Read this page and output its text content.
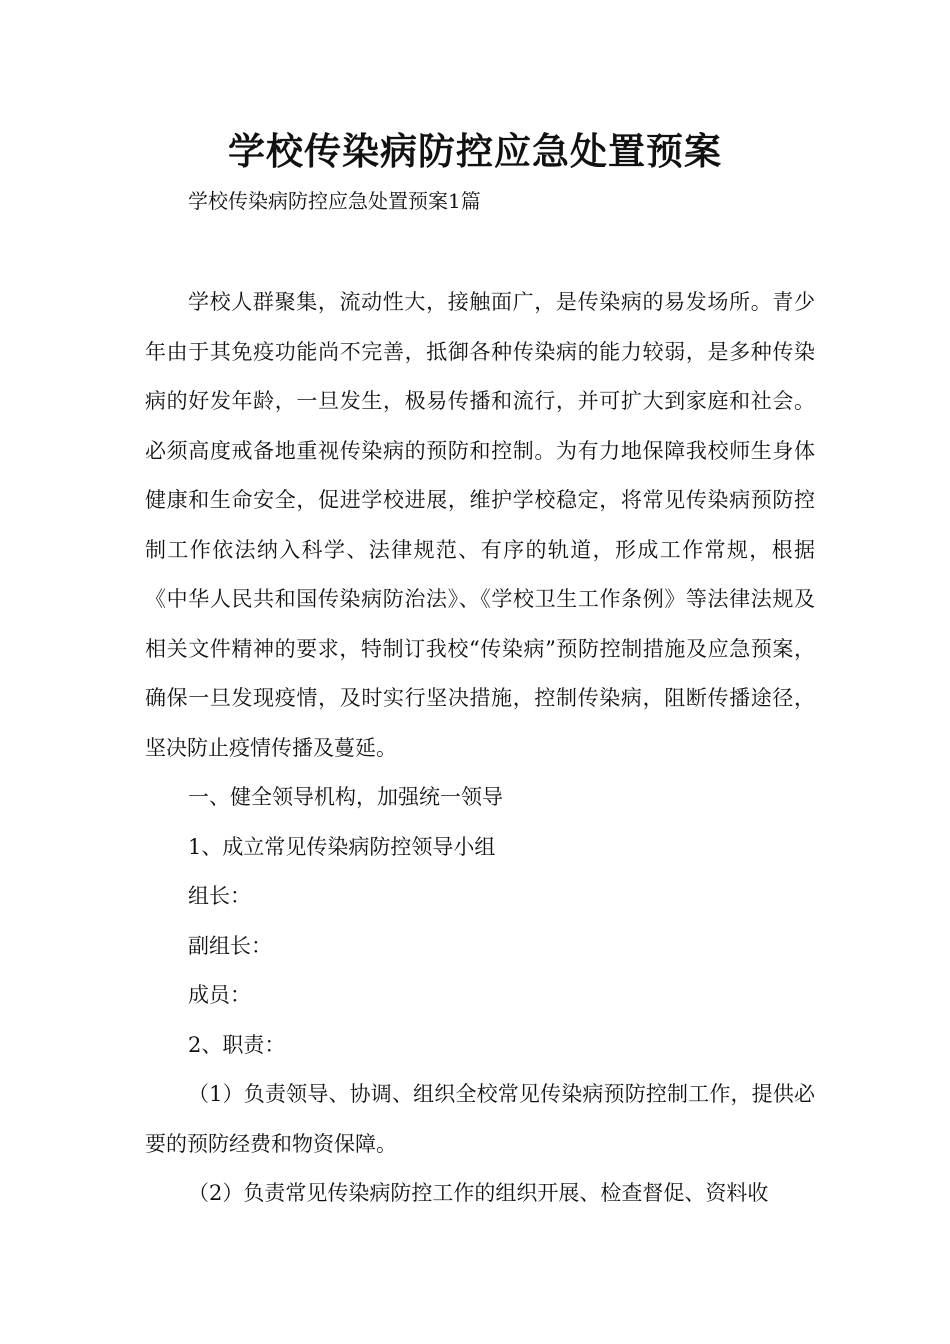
学校传染病防控应急处置预案

学校传染病防控应急处置预案1篇

学校人群聚集，流动性大，接触面广，是传染病的易发场所。青少年由于其免疫功能尚不完善，抵御各种传染病的能力较弱，是多种传染病的好发年龄，一旦发生，极易传播和流行，并可扩大到家庭和社会。必须高度戒备地重视传染病的预防和控制。为有力地保障我校师生身体健康和生命安全，促进学校进展，维护学校稳定，将常见传染病预防控制工作依法纳入科学、法律规范、有序的轨道，形成工作常规，根据《中华人民共和国传染病防治法》、《学校卫生工作条例》等法律法规及相关文件精神的要求，特制订我校“传染病”预防控制措施及应急预案，确保一旦发现疫情，及时实行坚决措施，控制传染病，阻断传播途径，坚决防止疫情传播及蔓延。

一、健全领导机构，加强统一领导

1、成立常见传染病防控领导小组

组长：

副组长：

成员：

2、职责：

（1）负责领导、协调、组织全校常见传染病预防控制工作，提供必要的预防经费和物资保障。

（2）负责常见传染病防控工作的组织开展、检查督促、资料收
